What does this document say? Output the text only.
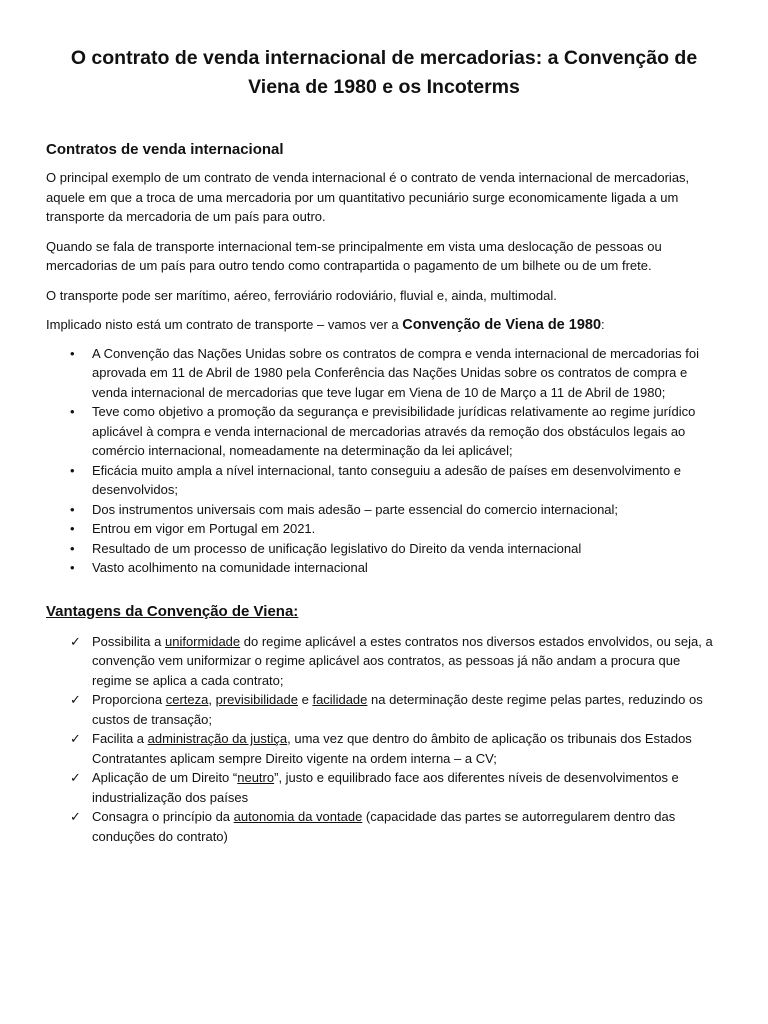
O contrato de venda internacional de mercadorias: a Convenção de Viena de 1980 e os Incoterms
Contratos de venda internacional

O principal exemplo de um contrato de venda internacional é o contrato de venda internacional de mercadorias, aquele em que a troca de uma mercadoria por um quantitativo pecuniário surge economicamente ligada a um transporte da mercadoria de um país para outro.

Quando se fala de transporte internacional tem-se principalmente em vista uma deslocação de pessoas ou mercadorias de um país para outro tendo como contrapartida o pagamento de um bilhete ou de um frete.

O transporte pode ser marítimo, aéreo, ferroviário rodoviário, fluvial e, ainda, multimodal.

Implicado nisto está um contrato de transporte – vamos ver a Convenção de Viena de 1980:

• A Convenção das Nações Unidas sobre os contratos de compra e venda internacional de mercadorias foi aprovada em 11 de Abril de 1980 pela Conferência das Nações Unidas sobre os contratos de compra e venda internacional de mercadorias que teve lugar em Viena de 10 de Março a 11 de Abril de 1980;
• Teve como objetivo a promoção da segurança e previsibilidade jurídicas relativamente ao regime jurídico aplicável à compra e venda internacional de mercadorias através da remoção dos obstáculos legais ao comércio internacional, nomeadamente na determinação da lei aplicável;
• Eficácia muito ampla a nível internacional, tanto conseguiu a adesão de países em desenvolvimento e desenvolvidos;
• Dos instrumentos universais com mais adesão – parte essencial do comercio internacional;
• Entrou em vigor em Portugal em 2021.
• Resultado de um processo de unificação legislativo do Direito da venda internacional
• Vasto acolhimento na comunidade internacional
Vantagens da Convenção de Viena:
✓ Possibilita a uniformidade do regime aplicável a estes contratos nos diversos estados envolvidos, ou seja, a convenção vem uniformizar o regime aplicável aos contratos, as pessoas já não andam a procura que regime se aplica a cada contrato;
✓ Proporciona certeza, previsibilidade e facilidade na determinação deste regime pelas partes, reduzindo os custos de transação;
✓ Facilita a administração da justiça, uma vez que dentro do âmbito de aplicação os tribunais dos Estados Contratantes aplicam sempre Direito vigente na ordem interna – a CV;
✓ Aplicação de um Direito “neutro”, justo e equilibrado face aos diferentes níveis de desenvolvimentos e industrialização dos países
✓ Consagra o princípio da autonomia da vontade (capacidade das partes se autorregularem dentro das conduções do contrato)
